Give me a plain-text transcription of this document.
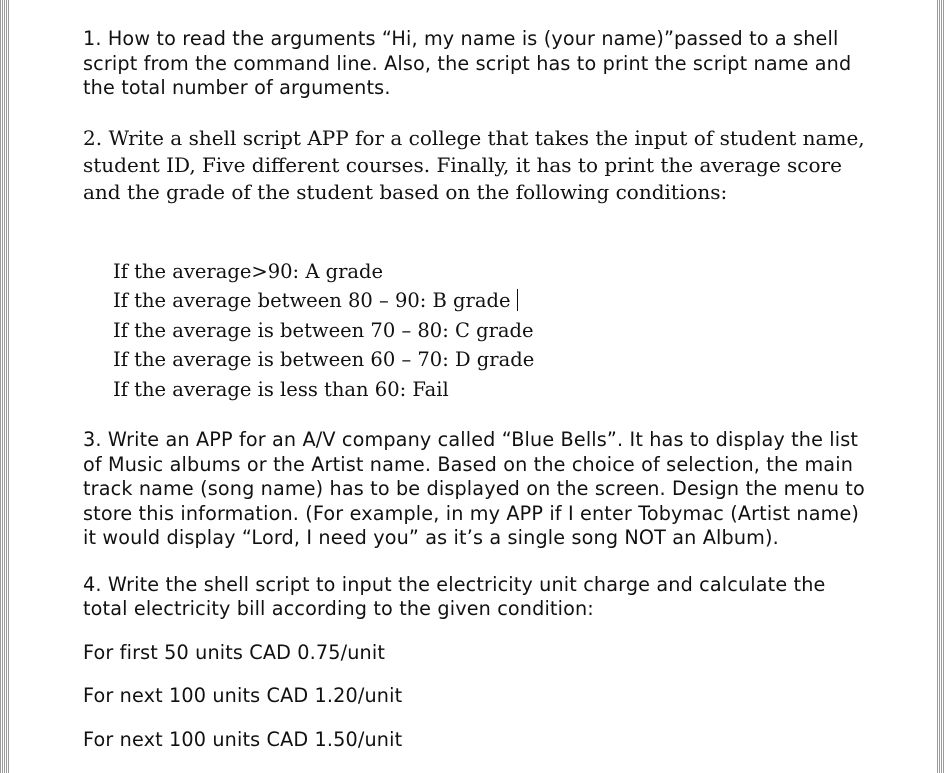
1. How to read the arguments “Hi, my name is (your name)”passed to a shell script from the command line. Also, the script has to print the script name and the total number of arguments.

2. Write a shell script APP for a college that takes the input of student name, student ID, Five different courses. Finally, it has to print the average score and the grade of the student based on the following conditions:

If the average>90: A grade
If the average between 80 – 90: B grade
If the average is between 70 – 80: C grade
If the average is between 60 – 70: D grade
If the average is less than 60: Fail

3. Write an APP for an A/V company called “Blue Bells”. It has to display the list of Music albums or the Artist name. Based on the choice of selection, the main track name (song name) has to be displayed on the screen. Design the menu to store this information. (For example, in my APP if I enter Tobymac (Artist name) it would display “Lord, I need you” as it’s a single song NOT an Album).

4. Write the shell script to input the electricity unit charge and calculate the total electricity bill according to the given condition:

For first 50 units CAD 0.75/unit

For next 100 units CAD 1.20/unit

For next 100 units CAD 1.50/unit
